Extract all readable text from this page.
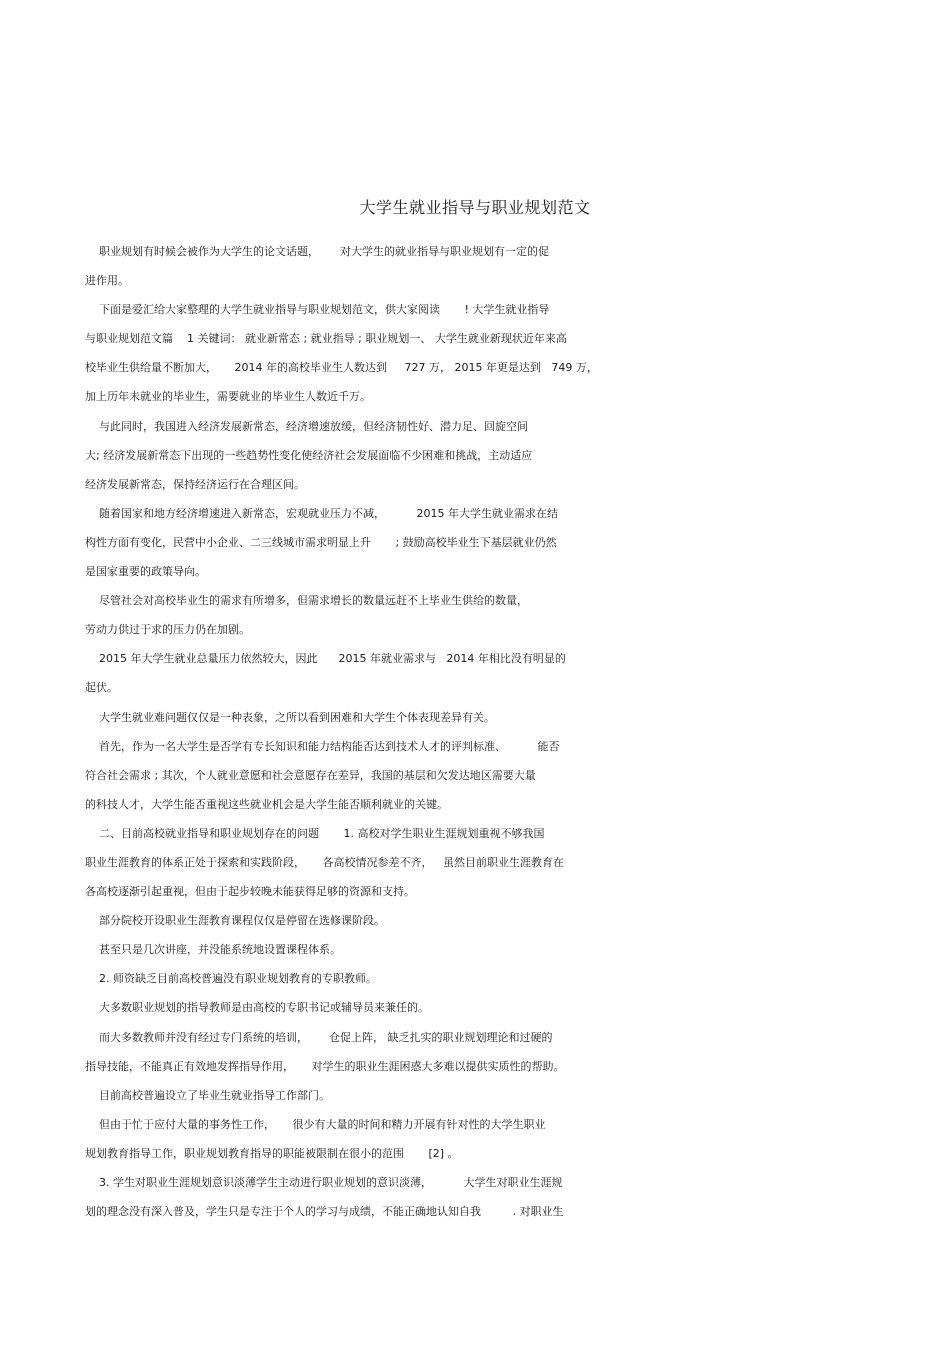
大学生就业指导与职业规划范文
职业规划有时候会被作为大学生的论文话题，      对大学生的就业指导与职业规划有一定的促
进作用。
下面是爱汇给大家整理的大学生就业指导与职业规划范文，供大家阅读       ! 大学生就业指导
与职业规划范文篇    1 关键词： 就业新常态 ; 就业指导 ; 职业规划一、 大学生就业新现状近年来高
校毕业生供给量不断加大，     2014 年的高校毕业生人数达到     727 万， 2015 年更是达到   749 万，
加上历年未就业的毕业生，需要就业的毕业生人数近千万。
与此同时，我国进入经济发展新常态，经济增速放缓，但经济韧性好、潜力足、回旋空间
大; 经济发展新常态下出现的一些趋势性变化使经济社会发展面临不少困难和挑战，主动适应
经济发展新常态，保持经济运行在合理区间。
随着国家和地方经济增速进入新常态，宏观就业压力不减，         2015 年大学生就业需求在结
构性方面有变化，民营中小企业、二三线城市需求明显上升       ; 鼓励高校毕业生下基层就业仍然
是国家重要的政策导向。
尽管社会对高校毕业生的需求有所增多，但需求增长的数量远赶不上毕业生供给的数量，
劳动力供过于求的压力仍在加剧。
2015 年大学生就业总量压力依然较大，因此      2015 年就业需求与   2014 年相比没有明显的
起伏。
大学生就业难问题仅仅是一种表象，之所以看到困难和大学生个体表现差异有关。
首先，作为一名大学生是否学有专长知识和能力结构能否达到技术人才的评判标准、         能否
符合社会需求 ; 其次，个人就业意愿和社会意愿存在差异，我国的基层和欠发达地区需要大量
的科技人才，大学生能否重视这些就业机会是大学生能否顺利就业的关键。
二、目前高校就业指导和职业规划存在的问题       1. 高校对学生职业生涯规划重视不够我国
职业生涯教育的体系正处于探索和实践阶段，     各高校情况参差不齐，   虽然目前职业生涯教育在
各高校逐渐引起重视，但由于起步较晚未能获得足够的资源和支持。
部分院校开设职业生涯教育课程仅仅是停留在选修课阶段。
甚至只是几次讲座，并没能系统地设置课程体系。
2. 师资缺乏目前高校普遍没有职业规划教育的专职教师。
大多数职业规划的指导教师是由高校的专职书记或辅导员来兼任的。
而大多数教师并没有经过专门系统的培训，      仓促上阵， 缺乏扎实的职业规划理论和过硬的
指导技能，不能真正有效地发挥指导作用，     对学生的职业生涯困惑大多难以提供实质性的帮助。
目前高校普遍设立了毕业生就业指导工作部门。
但由于忙于应付大量的事务性工作，     很少有大量的时间和精力开展有针对性的大学生职业
规划教育指导工作，职业规划教育指导的职能被限制在很小的范围       [2] 。
3. 学生对职业生涯规划意识淡薄学生主动进行职业规划的意识淡薄，         大学生对职业生涯规
划的理念没有深入普及，学生只是专注于个人的学习与成绩，不能正确地认知自我         . 对职业生
